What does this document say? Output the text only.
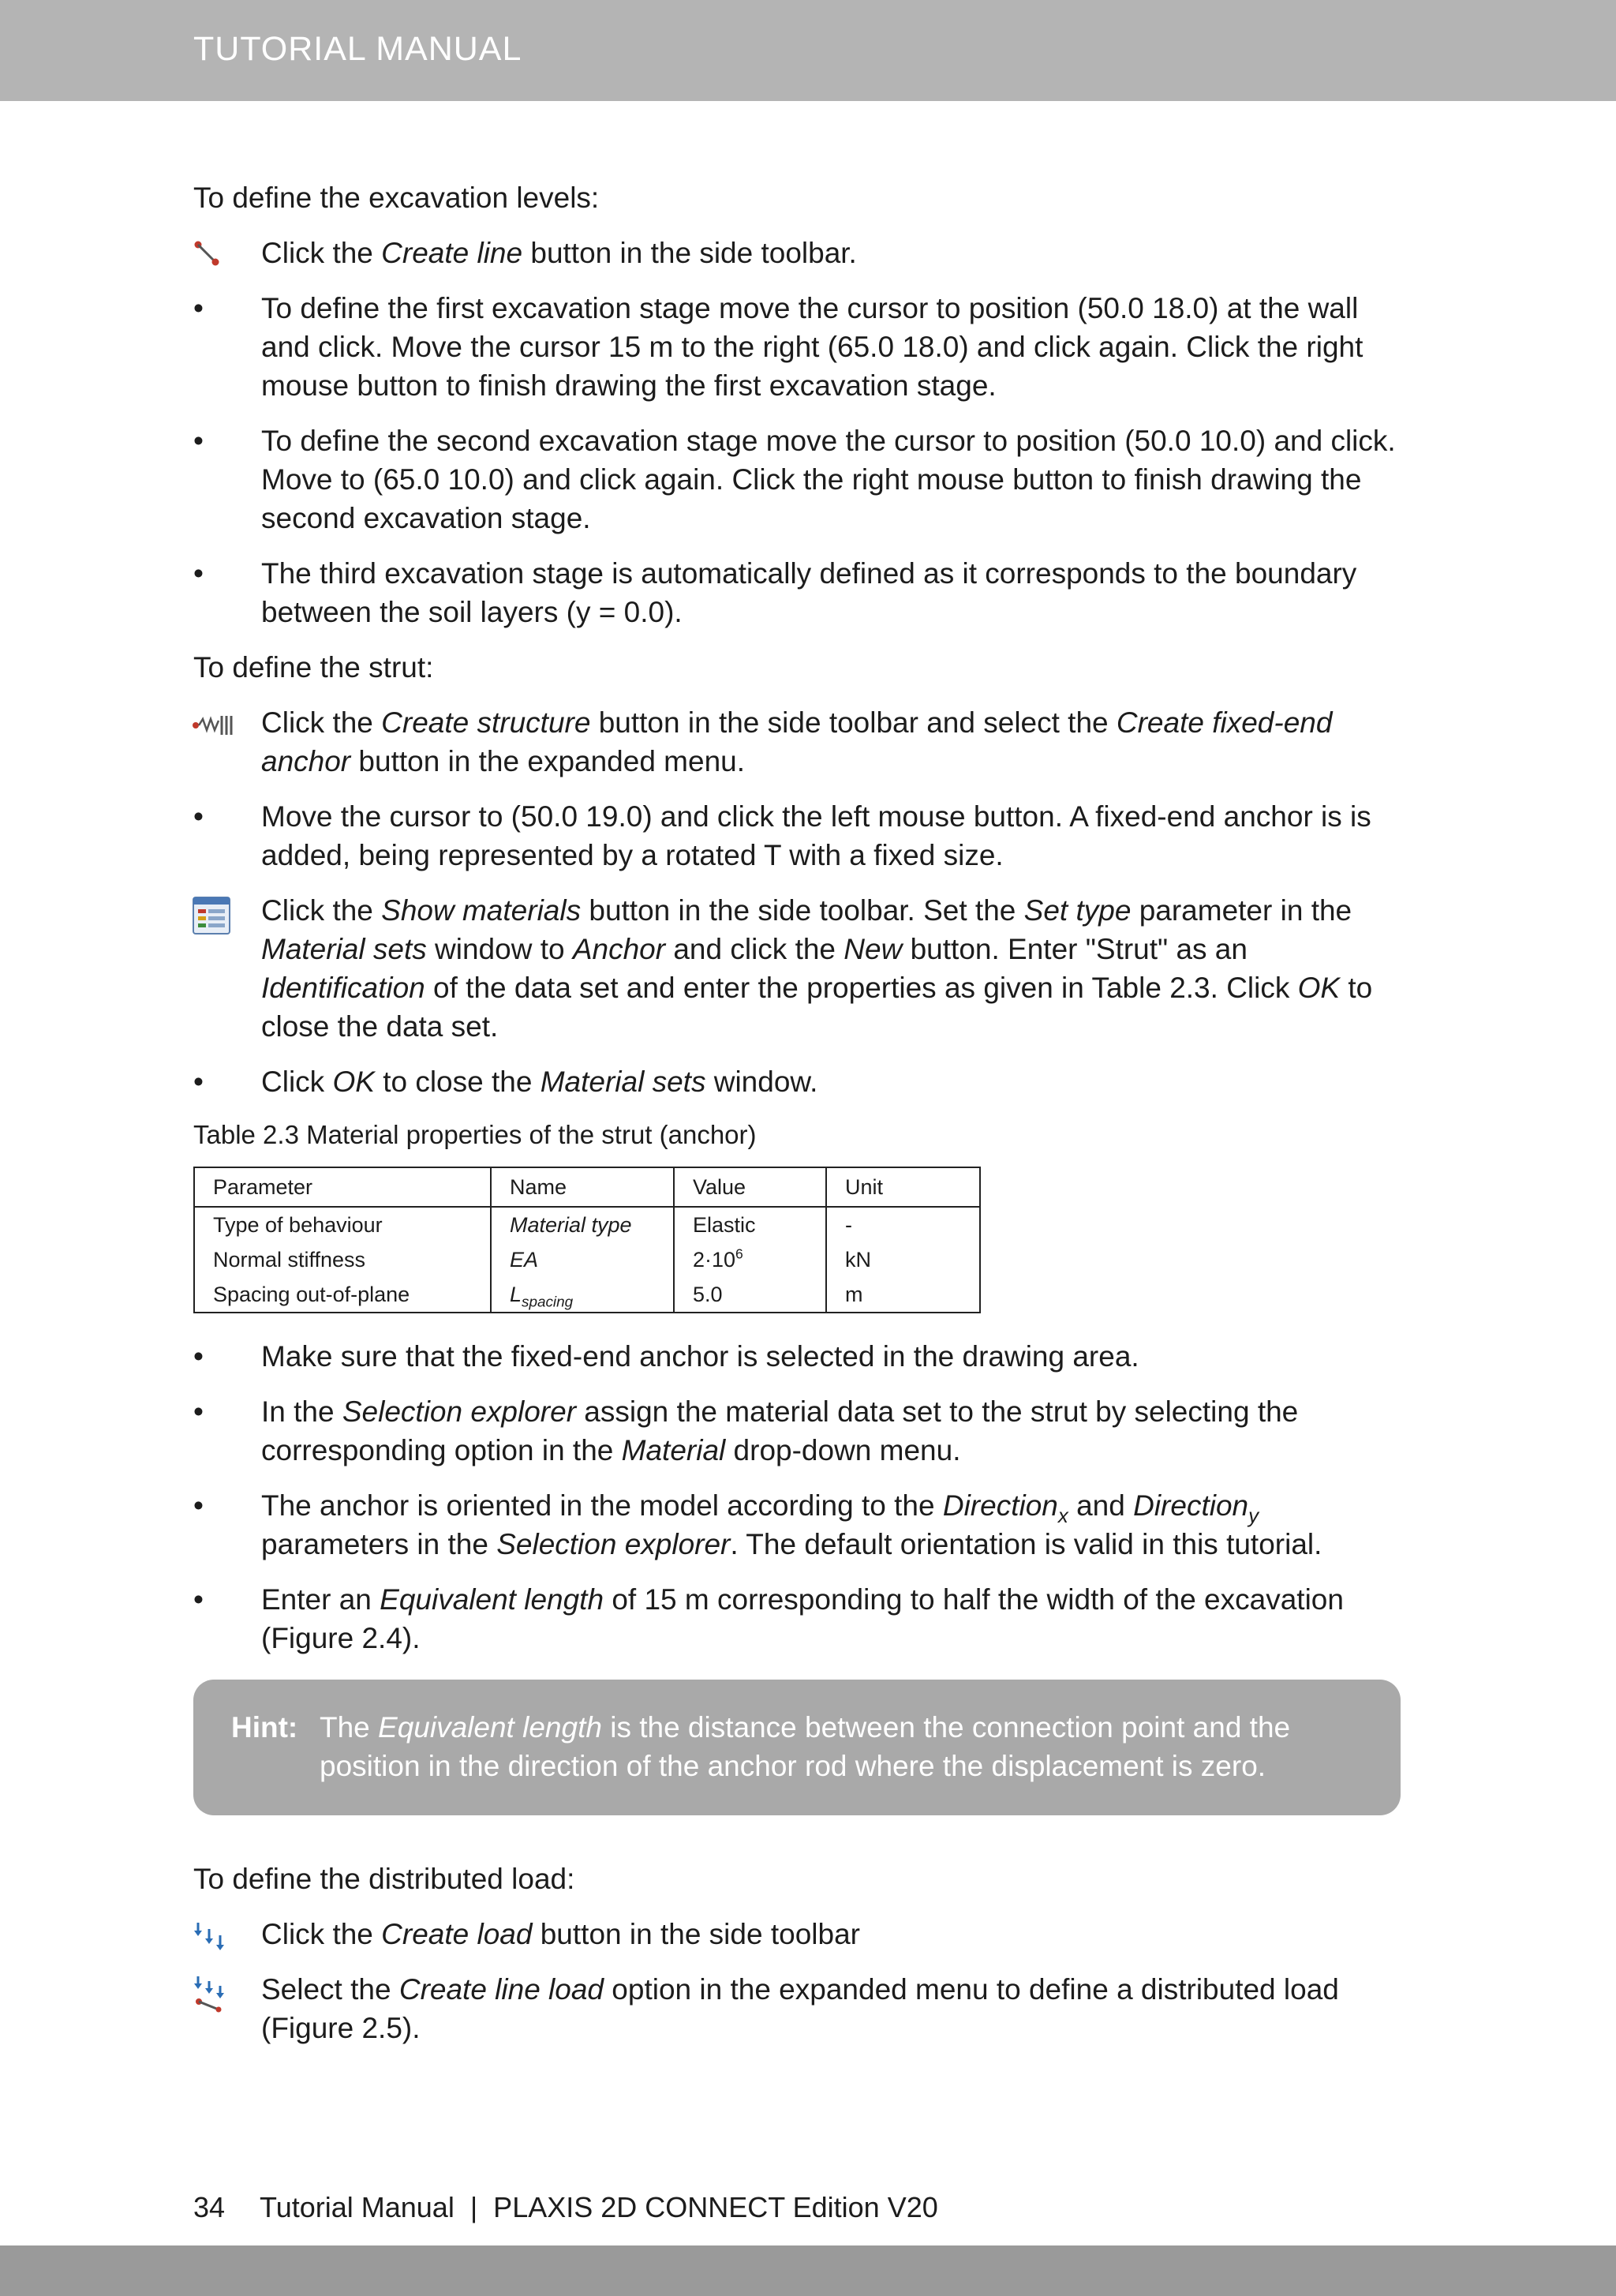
TUTORIAL MANUAL

To define the excavation levels:

Click the Create line button in the side toolbar.
•	To define the first excavation stage move the cursor to position (50.0 18.0) at the wall and click. Move the cursor 15 m to the right (65.0 18.0) and click again. Click the right mouse button to finish drawing the first excavation stage.
•	To define the second excavation stage move the cursor to position (50.0 10.0) and click. Move to (65.0 10.0) and click again. Click the right mouse button to finish drawing the second excavation stage.
•	The third excavation stage is automatically defined as it corresponds to the boundary between the soil layers (y = 0.0).

To define the strut:

Click the Create structure button in the side toolbar and select the Create fixed-end anchor button in the expanded menu.
•	Move the cursor to (50.0 19.0) and click the left mouse button. A fixed-end anchor is is added, being represented by a rotated T with a fixed size.
Click the Show materials button in the side toolbar. Set the Set type parameter in the Material sets window to Anchor and click the New button. Enter "Strut" as an Identification of the data set and enter the properties as given in Table 2.3. Click OK to close the data set.
•	Click OK to close the Material sets window.

Table 2.3 Material properties of the strut (anchor)

Parameter	Name	Value	Unit
Type of behaviour	Material type	Elastic	-
Normal stiffness	EA	$2\cdot 10^6$	kN
Spacing out-of-plane	$L_{spacing}$	5.0	m
•	Make sure that the fixed-end anchor is selected in the drawing area.
•	In the Selection explorer assign the material data set to the strut by selecting the corresponding option in the Material drop-down menu.
•	The anchor is oriented in the model according to the Direction$_x$ and Direction$_y$ parameters in the Selection explorer. The default orientation is valid in this tutorial.
•	Enter an Equivalent length of 15 m corresponding to half the width of the excavation (Figure 2.4).
Hint: The Equivalent length is the distance between the connection point and the position in the direction of the anchor rod where the displacement is zero.

To define the distributed load:

Click the Create load button in the side toolbar
Select the Create line load option in the expanded menu to define a distributed load (Figure 2.5).
34 Tutorial Manual  |  PLAXIS 2D CONNECT Edition V20
